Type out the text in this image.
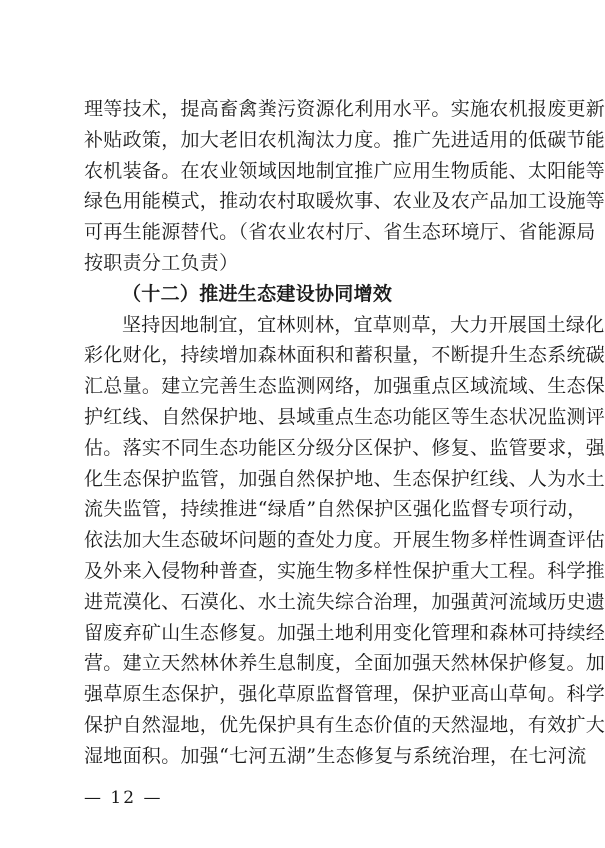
理等技术，提高畜禽粪污资源化利用水平。实施农机报废更新
补贴政策，加大老旧农机淘汰力度。推广先进适用的低碳节能
农机装备。在农业领域因地制宜推广应用生物质能、太阳能等
绿色用能模式，推动农村取暖炊事、农业及农产品加工设施等
可再生能源替代。（省农业农村厅、省生态环境厅、省能源局
按职责分工负责）
（十二）推进生态建设协同增效
坚持因地制宜，宜林则林，宜草则草，大力开展国土绿化
彩化财化，持续增加森林面积和蓄积量，不断提升生态系统碳
汇总量。建立完善生态监测网络，加强重点区域流域、生态保
护红线、自然保护地、县域重点生态功能区等生态状况监测评
估。落实不同生态功能区分级分区保护、修复、监管要求，强
化生态保护监管，加强自然保护地、生态保护红线、人为水土
流失监管，持续推进“绿盾”自然保护区强化监督专项行动，
依法加大生态破坏问题的查处力度。开展生物多样性调查评估
及外来入侵物种普查，实施生物多样性保护重大工程。科学推
进荒漠化、石漠化、水土流失综合治理，加强黄河流域历史遗
留废弃矿山生态修复。加强土地利用变化管理和森林可持续经
营。建立天然林休养生息制度，全面加强天然林保护修复。加
强草原生态保护，强化草原监督管理，保护亚高山草甸。科学
保护自然湿地，优先保护具有生态价值的天然湿地，有效扩大
湿地面积。加强“七河五湖”生态修复与系统治理，在七河流
— 12 —
